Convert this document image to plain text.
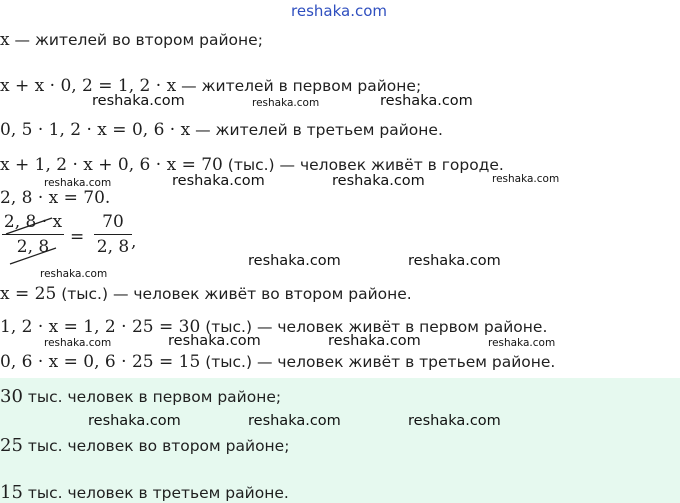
reshaka.com
x — жителей во втором районе;
x + x · 0, 2 = 1, 2 · x — жителей в первом районе;
reshaka.com	reshaka.com	reshaka.com
0, 5 · 1, 2 · x = 0, 6 · x — жителей в третьем районе.
x + 1, 2 · x + 0, 6 · x = 70 (тыс.) — человек живёт в городе.
reshaka.com	reshaka.com	reshaka.com	reshaka.com
2, 8 · x = 70.
2, 8 · x
2, 8	=
70
2, 8 ,
reshaka.com
reshaka.com	reshaka.com
x = 25 (тыс.) — человек живёт во втором районе.
1, 2 · x = 1, 2 · 25 = 30 (тыс.) — человек живёт в первом районе.
reshaka.com	reshaka.com	reshaka.com	reshaka.com
0, 6 · x = 0, 6 · 25 = 15 (тыс.) — человек живёт в третьем районе.
30 тыс. человек в первом районе;
reshaka.com	reshaka.com	reshaka.com
25 тыс. человек во втором районе;
15 тыс. человек в третьем районе.
